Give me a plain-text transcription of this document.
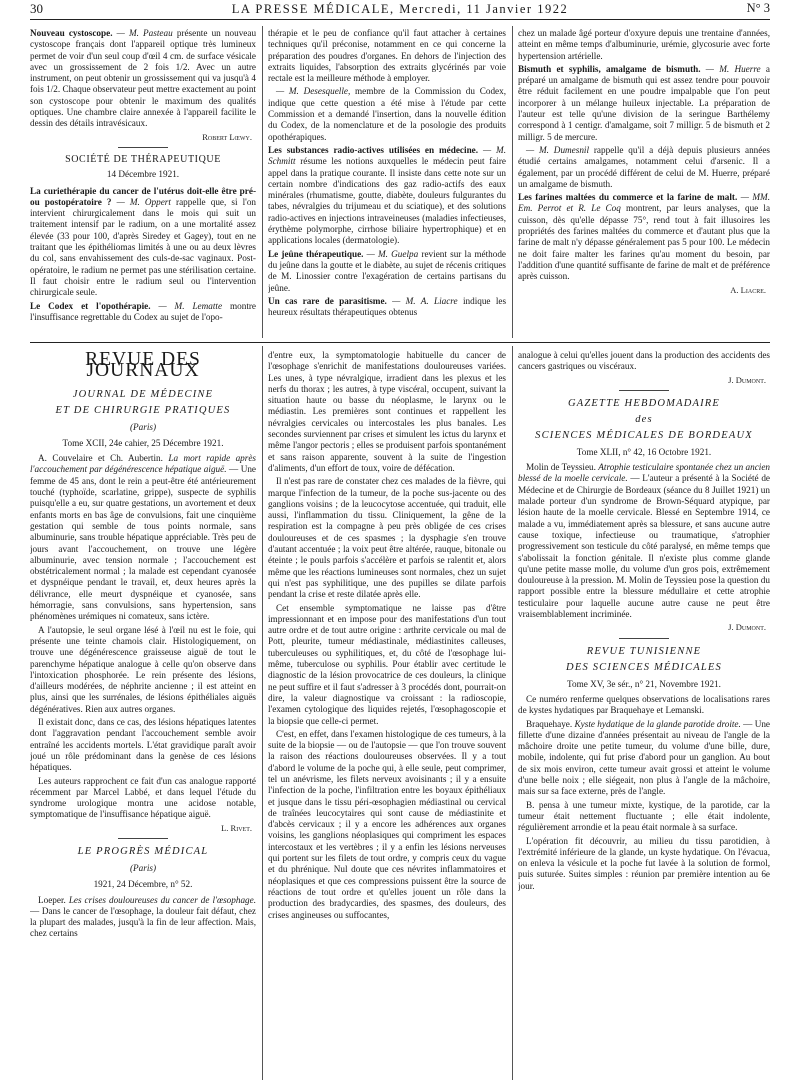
30	LA PRESSE MÉDICALE, Mercredi, 11 Janvier 1922	N° 3

Nouveau cystoscope. — M. Pasteau présente un nouveau cystoscope français dont l'appareil optique très lumineux permet de voir d'un seul coup d'œil 4 cm. de surface vésicale avec un grossissement de 2 fois 1/2. Avec un autre instrument, on peut obtenir un grossissement qui va jusqu'à 4 fois 1/2. Chaque observateur peut mettre exactement au point son cystoscope pour obtenir le maximum des qualités optiques. Une chambre claire annexée à l'appareil facilite le dessin des détails intravésicaux.

Robert Lœwy.

SOCIÉTÉ DE THÉRAPEUTIQUE

14 Décembre 1921.

La curiethérapie du cancer de l'utérus doit-elle être pré- ou postopératoire ? — M. Oppert rappelle que, si l'on intervient chirurgicalement dans le mois qui suit un traitement intensif par le radium, on a une mortalité assez élevée (33 pour 100, d'après Siredey et Gagey), tout en ne traitant que les épithéliomas limités à une ou au deux lèvres du col, sans envahissement des culs-de-sac vaginaux. Post-opératoire, le radium ne permet pas une stérilisation certaine. Il faut choisir entre le radium seul ou l'intervention chirurgicale seule.

Le Codex et l'opothérapie. — M. Lematte montre l'insuffisance regrettable du Codex au sujet de l'opo-

thérapie et le peu de confiance qu'il faut attacher à certaines techniques qu'il préconise, notamment en ce qui concerne la préparation des poudres d'organes. En dehors de l'injection des extraits liquides, l'absorption des extraits glycérinés par voie rectale est la meilleure méthode à employer.

— M. Desesquelle, membre de la Commission du Codex, indique que cette question a été mise à l'étude par cette Commission et a demandé l'insertion, dans la nouvelle édition du Codex, de la nomenclature et de la posologie des produits opothérapiques.

Les substances radio-actives utilisées en médecine. — M. Schmitt résume les notions auxquelles le médecin peut faire appel dans la pratique courante. Il insiste dans cette note sur un certain nombre d'indications des gaz radio-actifs des eaux minérales (rhumatisme, goutte, diabète, douleurs fulgurantes du tabes, névralgies du trijumeau et du sciatique), et des solutions radio-actives en injections intraveineuses (maladies infectieuses, érythème polymorphe, cirrhose biliaire hypertrophique) et en applications locales (dermatologie).

Le jeûne thérapeutique. — M. Guelpa revient sur la méthode du jeûne dans la goutte et le diabète, au sujet de récenis critiques de M. Linossier contre l'exagération de certains partisans du jeûne.

Un cas rare de parasitisme. — M. A. Liacre indique les heureux résultats thérapeutiques obtenus

chez un malade âgé porteur d'oxyure depuis une trentaine d'années, atteint en même temps d'albuminurie, urémie, glycosurie avec forte hypertension artérielle.

Bismuth et syphilis, amalgame de bismuth. — M. Huerre a préparé un amalgame de bismuth qui est assez tendre pour pouvoir être réduit facilement en une poudre impalpable que l'on peut incorporer à un mélange huileux injectable. La préparation de l'auteur est telle qu'une division de la seringue Barthélemy correspond à 1 centigr. d'amalgame, soit 7 milligr. 5 de bismuth et 2 milligr. 5 de mercure.

— M. Dumesnil rappelle qu'il a déjà depuis plusieurs années étudié certains amalgames, notamment celui d'arsenic. Il a également, par un procédé différent de celui de M. Huerre, préparé un amalgame de bismuth.

Les farines maltées du commerce et la farine de malt. — MM. Em. Perrot et R. Le Coq montrent, par leurs analyses, que la cuisson, dès qu'elle dépasse 75°, rend tout à fait illusoires les propriétés des farines maltées du commerce et d'autant plus que la farine de malt n'y dépasse généralement pas 5 pour 100. Le médecin ne doit faire malter les farines qu'au moment du besoin, par l'addition d'une quantité suffisante de farine de malt et de préférence après cuisson.

A. Liacre.

REVUE DES JOURNAUX

JOURNAL DE MÉDECINE
ET DE CHIRURGIE PRATIQUES

(Paris)

Tome XCII, 24e cahier, 25 Décembre 1921.

A. Couvelaire et Ch. Aubertin. La mort rapide après l'accouchement par dégénérescence hépatique aiguë. — Une femme de 45 ans, dont le rein a peut-être été antérieurement touché (typhoïde, scarlatine, grippe), suspecte de syphilis puisqu'elle a eu, sur quatre gestations, un avortement et deux enfants morts en bas âge de convulsions, fait une cinquième gestation qui semble de tous points normale, sans albuminurie, sans trouble hépatique appréciable. Très peu de jours avant l'accouchement, on trouve une légère albuminurie, avec tension normale ; l'accouchement est obstétricalement normal ; la malade est cependant cyanosée et dyspnéique pendant le travail, et, deux heures après la délivrance, elle meurt dyspnéique et cyanosée, sans hémorragie, sans convulsions, sans hypertension, sans phénomènes urémiques ni comateux, sans ictère.

A l'autopsie, le seul organe lésé à l'œil nu est le foie, qui présente une teinte chamois clair. Histologiquement, on trouve une dégénérescence graisseuse aiguë de tout le parenchyme hépatique analogue à celle qu'on observe dans l'intoxication phosphorée. Le rein présente des lésions, d'ailleurs modérées, de néphrite ancienne ; il est atteint en plus, ainsi que les surrénales, de lésions épithéliales aiguës dégénératives. Rien aux autres organes.

Il existait donc, dans ce cas, des lésions hépatiques latentes dont l'aggravation pendant l'accouchement semble avoir entraîné les accidents mortels. L'état gravidique paraît avoir joué un rôle prédominant dans la genèse de ces lésions hépatiques.

Les auteurs rapprochent ce fait d'un cas analogue rapporté récemment par Marcel Labbé, et dans lequel l'étude du syndrome urologique montra une acidose notable, symptomatique de l'insuffisance hépatique aiguë.

L. Rivet.

LE PROGRÈS MÉDICAL

(Paris)

1921, 24 Décembre, n° 52.

Loeper. Les crises douloureuses du cancer de l'œsophage. — Dans le cancer de l'œsophage, la douleur fait défaut, chez la plupart des malades, jusqu'à la fin de leur affection. Mais, chez certains

d'entre eux, la symptomatologie habituelle du cancer de l'œsophage s'enrichit de manifestations douloureuses variées. Les unes, à type névralgique, irradient dans les plexus et les nerfs du thorax ; les autres, à type viscéral, occupent, suivant la situation haute ou basse du néoplasme, le larynx ou le médiastin. Les premières sont continues et rappellent les névralgies cervicales ou intercostales les plus banales. Les secondes surviennent par crises et simulent les ictus du larynx et même l'angor pectoris ; elles se produisent parfois spontanément et sans raison apparente, souvent à la suite de l'ingestion d'aliments, d'un effort de toux, voire de défécation.

Il n'est pas rare de constater chez ces malades de la fièvre, qui marque l'infection de la tumeur, de la poche sus-jacente ou des ganglions voisins ; de la leucocytose accentuée, qui traduit, elle aussi, l'inflammation du tissu. Cliniquement, la gêne de la respiration est la compagne à peu près obligée de ces crises douloureuses et de ces spasmes ; la dysphagie s'en trouve d'autant accentuée ; la voix peut être altérée, rauque, bitonale ou éteinte ; le pouls parfois s'accélère et parfois se ralentit et, alors même que les réactions lumineuses sont normales, chez un sujet qui n'est pas syphilitique, une des pupilles se dilate parfois pendant la crise et reste dilatée après elle.

Cet ensemble symptomatique ne laisse pas d'être impressionnant et en impose pour des manifestations d'un tout autre ordre et de tout autre origine : arthrite cervicale ou mal de Pott, pleurite, tumeur médiastinale, médiastinites calleuses, tuberculeuses ou syphilitiques, et, du côté de l'œsophage lui-même, tuberculose ou syphilis. Pour établir avec certitude le diagnostic de la lésion provocatrice de ces douleurs, la clinique ne peut suffire et il faut s'adresser à 3 procédés dont, pourrait-on dire, la valeur diagnostique va croissant : la radioscopie, l'examen cytologique des liquides rejetés, l'œsophagoscopie et la biopsie que celle-ci permet.

C'est, en effet, dans l'examen histologique de ces tumeurs, à la suite de la biopsie — ou de l'autopsie — que l'on trouve souvent la raison des réactions douloureuses observées. Il y a tout d'abord le volume de la poche qui, à elle seule, peut comprimer, tel un anévrisme, les filets nerveux avoisinants ; il y a ensuite l'infection de la poche, l'infiltration entre les boyaux épithéliaux et jusque dans le tissu péri-œsophagien médiastinal ou cervical de traînées leucocytaires qui sont cause de médiastinite et d'abcès cervicaux ; il y a encore les adhérences aux organes voisins, les ganglions néoplasiques qui compriment les espaces intercostaux et les vertèbres ; il y a enfin les lésions nerveuses qui portent sur les filets de tout ordre, y compris ceux du vague et du phrénique. Nul doute que ces névrites inflammatoires et néoplasiques et que ces compressions puissent être la source de réactions de tout ordre et qu'elles jouent un rôle dans la production des bradycardies, des spasmes, des douleurs, des crises angineuses ou suffocantes,

analogue à celui qu'elles jouent dans la production des accidents des cancers gastriques ou viscéraux.

J. Dumont.

GAZETTE HEBDOMADAIRE
des
SCIENCES MÉDICALES DE BORDEAUX

Tome XLII, n° 42, 16 Octobre 1921.

Molin de Teyssieu. Atrophie testiculaire spontanée chez un ancien blessé de la moelle cervicale. — L'auteur a présenté à la Société de Médecine et de Chirurgie de Bordeaux (séance du 8 Juillet 1921) un malade porteur d'un syndrome de Brown-Séquard atypique, par lésion haute de la moelle cervicale. Blessé en Septembre 1914, ce malade a vu, immédiatement après sa blessure, et sans aucune autre cause toxique, infectieuse ou traumatique, s'atrophier progressivement son testicule du côté paralysé, en même temps que s'abolissait la fonction génitale. Il n'existe plus comme glande qu'une petite masse molle, du volume d'un gros pois, extrêmement douloureuse à la pression. M. Molin de Teyssieu pose la question du rapport possible entre la blessure médullaire et cette atrophie testiculaire pour laquelle aucune autre cause ne peut être vraisemblablement incriminée.

J. Dumont.

REVUE TUNISIENNE
DES SCIENCES MÉDICALES

Tome XV, 3e sér., n° 21, Novembre 1921.

Ce numéro renferme quelques observations de localisations rares de kystes hydatiques par Braquehaye et Lemanski.

Braquehaye. Kyste hydatique de la glande parotide droite. — Une fillette d'une dizaine d'années présentait au niveau de l'angle de la mâchoire droite une petite tumeur, du volume d'une bille, dure, mobile, indolente, qui fut prise d'abord pour un ganglion. Au bout de six mois environ, cette tumeur avait grossi et atteint le volume d'une belle noix ; elle siégeait, non plus à l'angle de la mâchoire, mais sur sa face externe, près de l'angle.

B. pensa à une tumeur mixte, kystique, de la parotide, car la tumeur était nettement fluctuante ; elle était indolente, régulièrement arrondie et la peau était normale à sa surface.

L'opération fit découvrir, au milieu du tissu parotidien, à l'extrémité inférieure de la glande, un kyste hydatique. On l'évacua, on enleva la vésicule et la poche fut lavée à la solution de formol, puis suturée. Suites simples : réunion par première intention au 6e jour.
